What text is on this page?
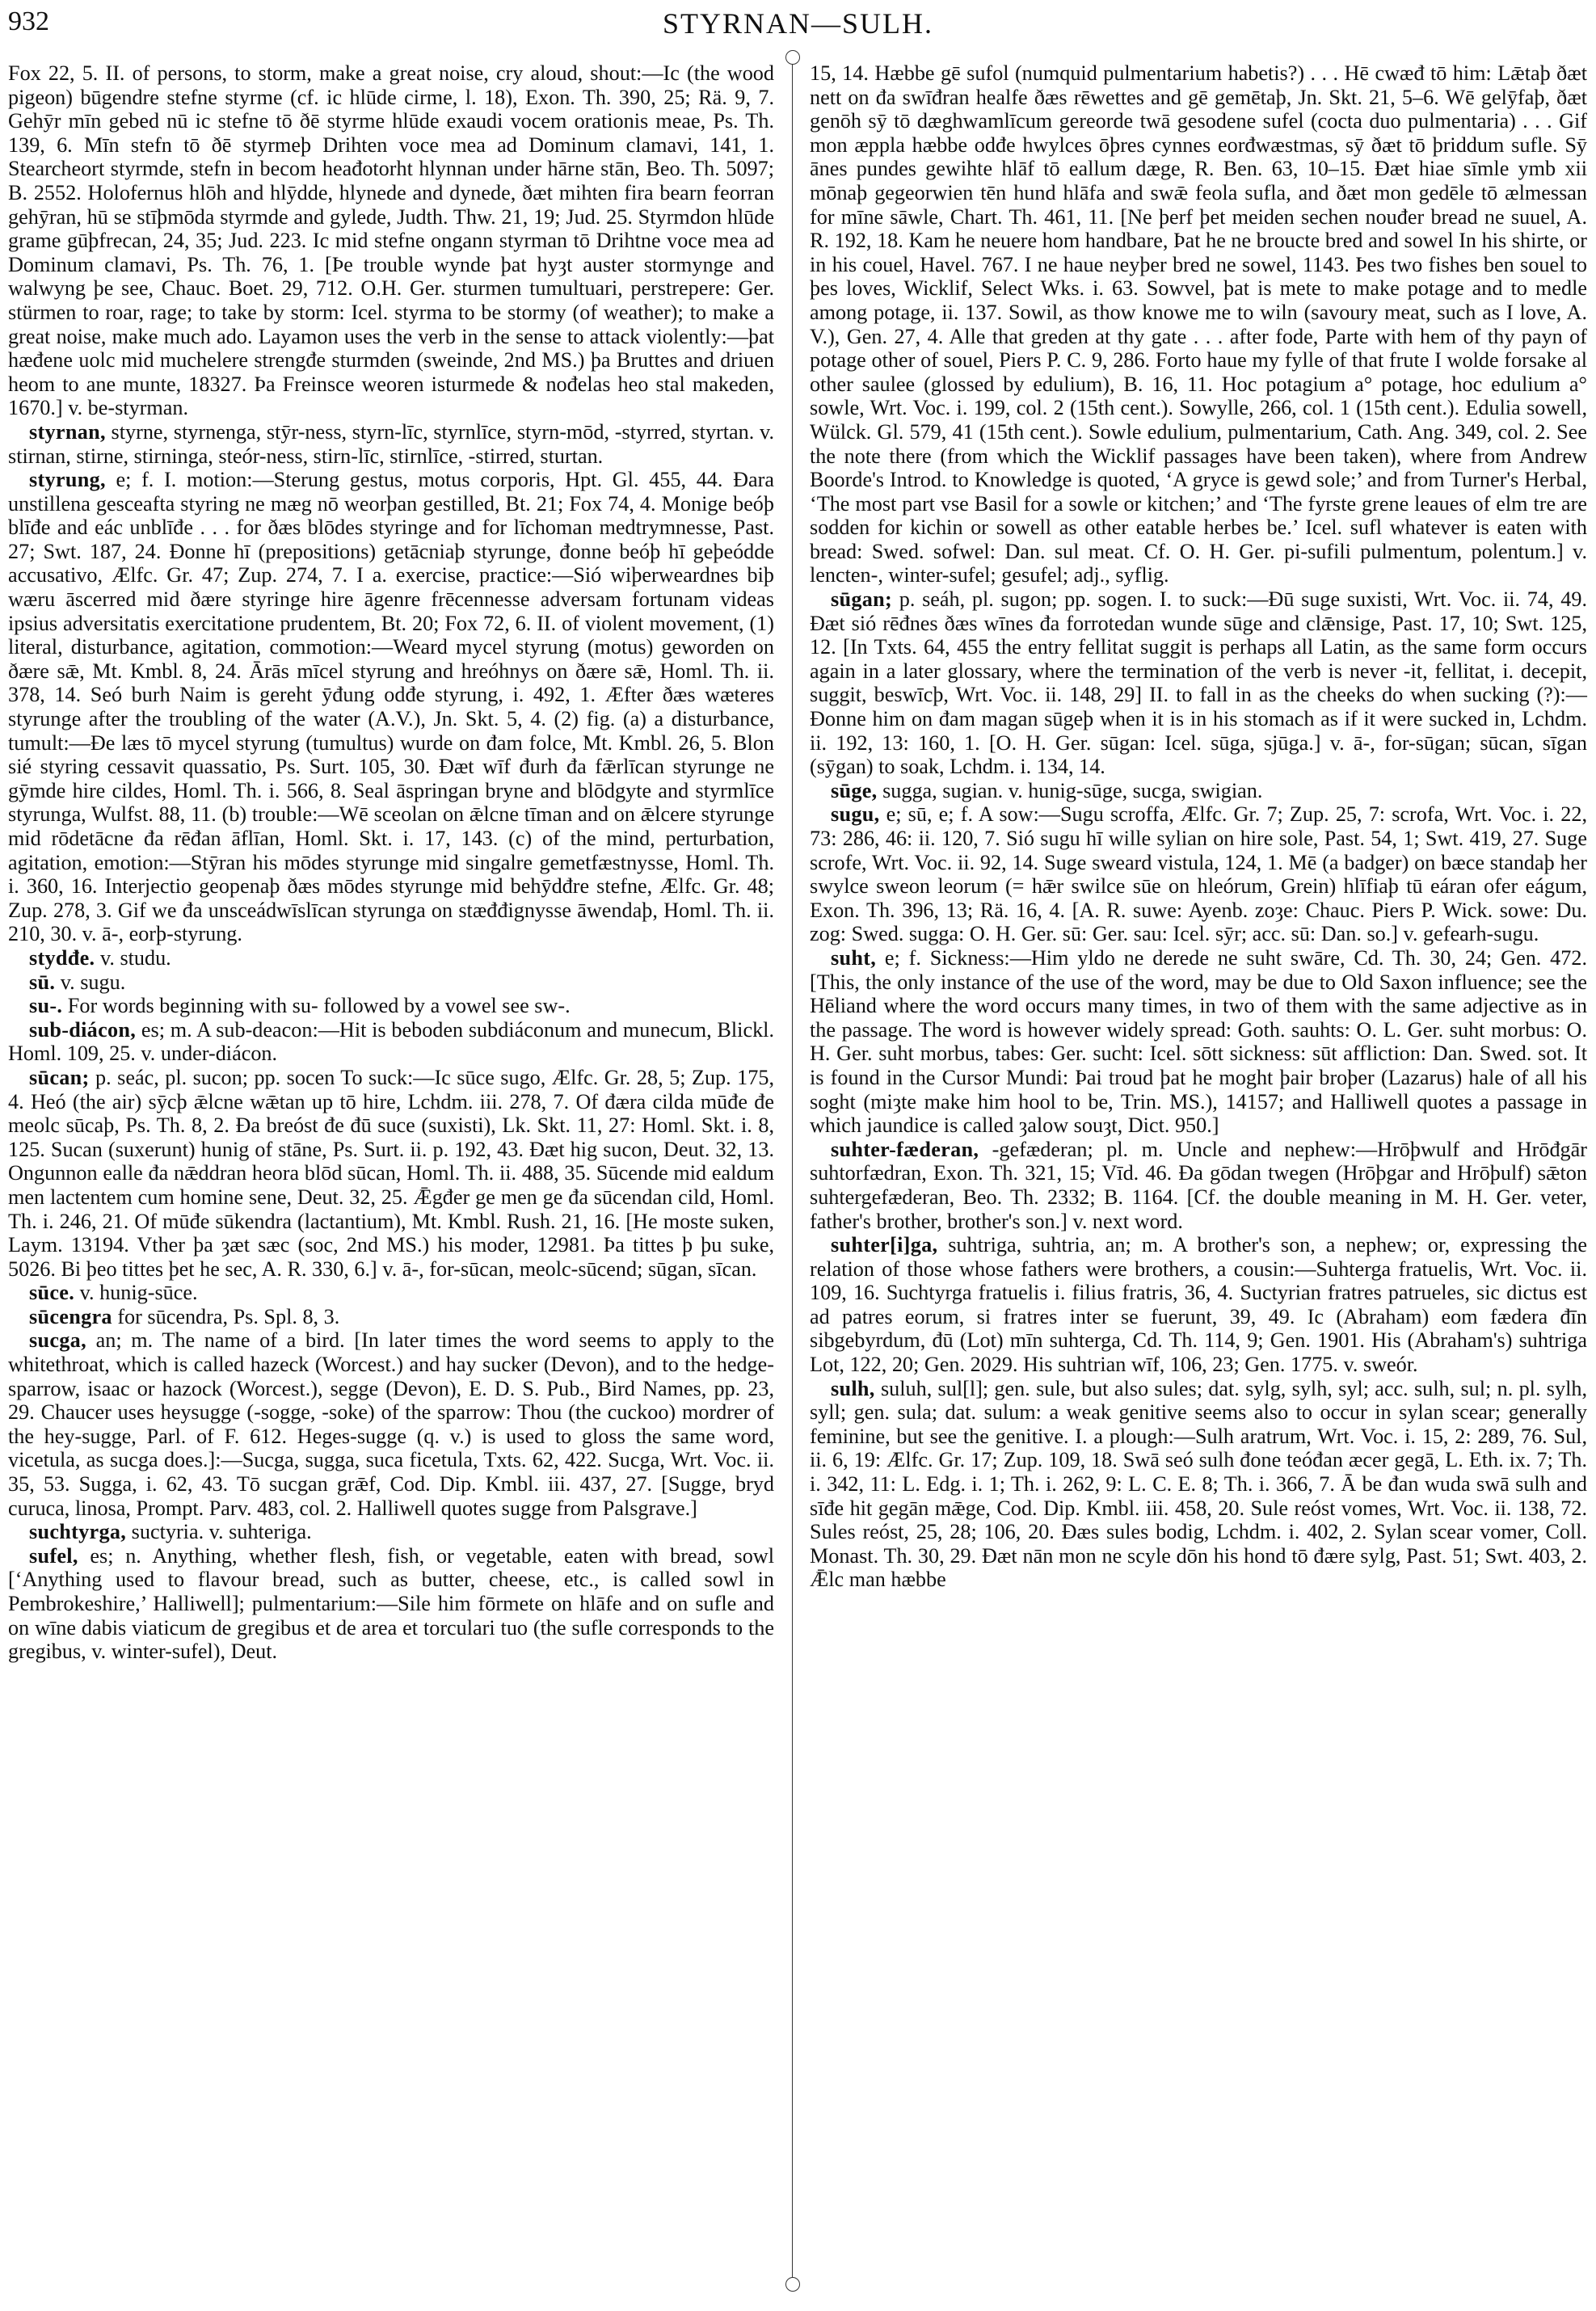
932	STYRNAN—SULH.

Fox 22, 5. II. of persons, to storm, make a great noise, cry aloud, shout:—Ic (the wood pigeon) būgendre stefne styrme (cf. ic hlūde cirme, l. 18), Exon. Th. 390, 25; Rä. 9, 7. Gehȳr mīn gebed nū ic stefne tō ðē styrme hlūde exaudi vocem orationis meae, Ps. Th. 139, 6. Mīn stefn tō ðē styrmeþ Drihten voce mea ad Dominum clamavi, 141, 1. Stearcheort styrmde, stefn in becom heađotorht hlynnan under hārne stān, Beo. Th. 5097; B. 2552. Holofernus hlōh and hlȳdde, hlynede and dynede, ðæt mihten fira bearn feorran gehȳran, hū se stīþmōda styrmde and gylede, Judth. Thw. 21, 19; Jud. 25. Styrmdon hlūde grame gūþfrecan, 24, 35; Jud. 223. Ic mid stefne ongann styrman tō Drihtne voce mea ad Dominum clamavi, Ps. Th. 76, 1. [Þe trouble wynde þat hyȝt auster stormynge and walwyng þe see, Chauc. Boet. 29, 712. O.H. Ger. sturmen tumultuari, perstrepere: Ger. stürmen to roar, rage; to take by storm: Icel. styrma to be stormy (of weather); to make a great noise, make much ado. Layamon uses the verb in the sense to attack violently:—þat hæđene uolc mid muchelere strengđe sturmden (sweinde, 2nd MS.) þa Bruttes and driuen heom to ane munte, 18327. Þa Freinsce weoren isturmede & nođelas heo stal makeden, 1670.] v. be-styrman.

styrnan, styrne, styrnenga, stȳr-ness, styrn-līc, styrnlīce, styrn-mōd, -styrred, styrtan. v. stirnan, stirne, stirninga, steór-ness, stirn-līc, stirnlīce, -stirred, sturtan.

styrung, e; f. I. motion:—Sterung gestus, motus corporis, Hpt. Gl. 455, 44. Đara unstillena gesceafta styring ne mæg nō weorþan gestilled, Bt. 21; Fox 74, 4. Monige beóþ blīđe and eác unblīđe . . . for ðæs blōdes styringe and for līchoman medtrymnesse, Past. 27; Swt. 187, 24. Đonne hī (prepositions) getācniaþ styrunge, đonne beóþ hī geþeódde accusativo, Ælfc. Gr. 47; Zup. 274, 7. I a. exercise, practice:—Sió wiþerweardnes biþ wæru āscerred mid ðære styringe hire āgenre frēcennesse adversam fortunam videas ipsius adversitatis exercitatione prudentem, Bt. 20; Fox 72, 6. II. of violent movement, (1) literal, disturbance, agitation, commotion:—Weard mycel styrung (motus) geworden on ðære sǣ, Mt. Kmbl. 8, 24. Ārās mīcel styrung and hreóhnys on ðære sǣ, Homl. Th. ii. 378, 14. Seó burh Naim is gereht ȳđung odđe styrung, i. 492, 1. Æfter ðæs wæteres styrunge after the troubling of the water (A.V.), Jn. Skt. 5, 4. (2) fig. (a) a disturbance, tumult:—Đe læs tō mycel styrung (tumultus) wurde on đam folce, Mt. Kmbl. 26, 5. Blon sié styring cessavit quassatio, Ps. Surt. 105, 30. Đæt wīf đurh đa fǣrlīcan styrunge ne gȳmde hire cildes, Homl. Th. i. 566, 8. Seal āspringan bryne and blōdgyte and styrmlīce styrunga, Wulfst. 88, 11. (b) trouble:—Wē sceolan on ǣlcne tīman and on ǣlcere styrunge mid rōdetācne đa rēđan āflīan, Homl. Skt. i. 17, 143. (c) of the mind, perturbation, agitation, emotion:—Stȳran his mōdes styrunge mid singalre gemetfæstnysse, Homl. Th. i. 360, 16. Interjectio geopenaþ ðæs mōdes styrunge mid behȳdđre stefne, Ælfc. Gr. 48; Zup. 278, 3. Gif we đa unsceádwīslīcan styrunga on stæđđignysse āwendaþ, Homl. Th. ii. 210, 30. v. ā-, eorþ-styrung.

stydđe. v. studu.

sū. v. sugu.

su-. For words beginning with su- followed by a vowel see sw-.

sub-diácon, es; m. A sub-deacon:—Hit is beboden subdiáconum and munecum, Blickl. Homl. 109, 25. v. under-diácon.

sūcan; p. seác, pl. sucon; pp. socen To suck:—Ic sūce sugo, Ælfc. Gr. 28, 5; Zup. 175, 4. Heó (the air) sȳcþ ǣlcne wǣtan up tō hire, Lchdm. iii. 278, 7. Of đæra cilda mūđe đe meolc sūcaþ, Ps. Th. 8, 2. Đa breóst đe đū suce (suxisti), Lk. Skt. 11, 27: Homl. Skt. i. 8, 125. Sucan (suxerunt) hunig of stāne, Ps. Surt. ii. p. 192, 43. Đæt hig sucon, Deut. 32, 13. Ongunnon ealle đa nǣddran heora blōd sūcan, Homl. Th. ii. 488, 35. Sūcende mid ealdum men lactentem cum homine sene, Deut. 32, 25. Ǣgđer ge men ge đa sūcendan cild, Homl. Th. i. 246, 21. Of mūđe sūkendra (lactantium), Mt. Kmbl. Rush. 21, 16. [He moste suken, Laym. 13194. Vther þa ȝæt sæc (soc, 2nd MS.) his moder, 12981. Þa tittes þ þu suke, 5026. Bi þeo tittes þet he sec, A. R. 330, 6.] v. ā-, for-sūcan, meolc-sūcend; sūgan, sīcan.

sūce. v. hunig-sūce.

sūcengra for sūcendra, Ps. Spl. 8, 3.

sucga, an; m. The name of a bird. [In later times the word seems to apply to the whitethroat, which is called hazeck (Worcest.) and hay sucker (Devon), and to the hedge-sparrow, isaac or hazock (Worcest.), segge (Devon), E. D. S. Pub., Bird Names, pp. 23, 29. Chaucer uses heysugge (-sogge, -soke) of the sparrow: Thou (the cuckoo) mordrer of the hey-sugge, Parl. of F. 612. Heges-sugge (q. v.) is used to gloss the same word, vicetula, as sucga does.]:—Sucga, sugga, suca ficetula, Txts. 62, 422. Sucga, Wrt. Voc. ii. 35, 53. Sugga, i. 62, 43. Tō sucgan grǣf, Cod. Dip. Kmbl. iii. 437, 27. [Sugge, bryd curuca, linosa, Prompt. Parv. 483, col. 2. Halliwell quotes sugge from Palsgrave.]

suchtyrga, suctyria. v. suhteriga.

sufel, es; n. Anything, whether flesh, fish, or vegetable, eaten with bread, sowl [‘Anything used to flavour bread, such as butter, cheese, etc., is called sowl in Pembrokeshire,’ Halliwell]; pulmentarium:—Sile him fōrmete on hlāfe and on sufle and on wīne dabis viaticum de gregibus et de area et torculari tuo (the sufle corresponds to the gregibus, v. winter-sufel), Deut.

15, 14. Hæbbe gē sufol (numquid pulmentarium habetis?) . . . Hē cwæđ tō him: Lǣtaþ ðæt nett on đa swīđran healfe ðæs rēwettes and gē gemētaþ, Jn. Skt. 21, 5–6. Wē gelȳfaþ, ðæt genōh sȳ tō dæghwamlīcum gereorde twā gesodene sufel (cocta duo pulmentaria) . . . Gif mon æppla hæbbe odđe hwylces ōþres cynnes eorđwæstmas, sȳ ðæt tō þriddum sufle. Sȳ ānes pundes gewihte hlāf tō eallum dæge, R. Ben. 63, 10–15. Đæt hiae sīmle ymb xii mōnaþ gegeorwien tēn hund hlāfa and swǣ feola sufla, and ðæt mon gedēle tō ælmessan for mīne sāwle, Chart. Th. 461, 11. [Ne þerf þet meiden sechen nouđer bread ne suuel, A. R. 192, 18. Kam he neuere hom handbare, Þat he ne broucte bred and sowel In his shirte, or in his couel, Havel. 767. I ne haue neyþer bred ne sowel, 1143. Þes two fishes ben souel to þes loves, Wicklif, Select Wks. i. 63. Sowvel, þat is mete to make potage and to medle among potage, ii. 137. Sowil, as thow knowe me to wiln (savoury meat, such as I love, A. V.), Gen. 27, 4. Alle that greden at thy gate . . . after fode, Parte with hem of thy payn of potage other of souel, Piers P. C. 9, 286. Forto haue my fylle of that frute I wolde forsake al other saulee (glossed by edulium), B. 16, 11. Hoc potagium a° potage, hoc edulium a° sowle, Wrt. Voc. i. 199, col. 2 (15th cent.). Sowylle, 266, col. 1 (15th cent.). Edulia sowell, Wülck. Gl. 579, 41 (15th cent.). Sowle edulium, pulmentarium, Cath. Ang. 349, col. 2. See the note there (from which the Wicklif passages have been taken), where from Andrew Boorde's Introd. to Knowledge is quoted, ‘A gryce is gewd sole;’ and from Turner's Herbal, ‘The most part vse Basil for a sowle or kitchen;’ and ‘The fyrste grene leaues of elm tre are sodden for kichin or sowell as other eatable herbes be.’ Icel. sufl whatever is eaten with bread: Swed. sofwel: Dan. sul meat. Cf. O. H. Ger. pi-sufili pulmentum, polentum.] v. lencten-, winter-sufel; gesufel; adj., syflig.

sūgan; p. seáh, pl. sugon; pp. sogen. I. to suck:—Đū suge suxisti, Wrt. Voc. ii. 74, 49. Đæt sió rēđnes ðæs wīnes đa forrotedan wunde sūge and clǣnsige, Past. 17, 10; Swt. 125, 12. [In Txts. 64, 455 the entry fellitat suggit is perhaps all Latin, as the same form occurs again in a later glossary, where the termination of the verb is never -it, fellitat, i. decepit, suggit, beswīcþ, Wrt. Voc. ii. 148, 29] II. to fall in as the cheeks do when sucking (?):—Đonne him on đam magan sūgeþ when it is in his stomach as if it were sucked in, Lchdm. ii. 192, 13: 160, 1. [O. H. Ger. sūgan: Icel. sūga, sjūga.] v. ā-, for-sūgan; sūcan, sīgan (sȳgan) to soak, Lchdm. i. 134, 14.

sūge, sugga, sugian. v. hunig-sūge, sucga, swigian.

sugu, e; sū, e; f. A sow:—Sugu scroffa, Ælfc. Gr. 7; Zup. 25, 7: scrofa, Wrt. Voc. i. 22, 73: 286, 46: ii. 120, 7. Sió sugu hī wille sylian on hire sole, Past. 54, 1; Swt. 419, 27. Suge scrofe, Wrt. Voc. ii. 92, 14. Suge sweard vistula, 124, 1. Mē (a badger) on bæce standaþ her swylce sweon leorum (= hǣr swilce sūe on hleórum, Grein) hlīfiaþ tū eáran ofer eágum, Exon. Th. 396, 13; Rä. 16, 4. [A. R. suwe: Ayenb. zoȝe: Chauc. Piers P. Wick. sowe: Du. zog: Swed. sugga: O. H. Ger. sū: Ger. sau: Icel. sȳr; acc. sū: Dan. so.] v. gefearh-sugu.

suht, e; f. Sickness:—Him yldo ne derede ne suht swāre, Cd. Th. 30, 24; Gen. 472. [This, the only instance of the use of the word, may be due to Old Saxon influence; see the Hēliand where the word occurs many times, in two of them with the same adjective as in the passage. The word is however widely spread: Goth. sauhts: O. L. Ger. suht morbus: O. H. Ger. suht morbus, tabes: Ger. sucht: Icel. sōtt sickness: sūt affliction: Dan. Swed. sot. It is found in the Cursor Mundi: Þai troud þat he moght þair broþer (Lazarus) hale of all his soght (miȝte make him hool to be, Trin. MS.), 14157; and Halliwell quotes a passage in which jaundice is called ȝalow souȝt, Dict. 950.]

suhter-fæderan, -gefæderan; pl. m. Uncle and nephew:—Hrōþwulf and Hrōđgār suhtorfædran, Exon. Th. 321, 15; Vīd. 46. Đa gōdan twegen (Hrōþgar and Hrōþulf) sǣton suhtergefæderan, Beo. Th. 2332; B. 1164. [Cf. the double meaning in M. H. Ger. veter, father's brother, brother's son.] v. next word.

suhter[i]ga, suhtriga, suhtria, an; m. A brother's son, a nephew; or, expressing the relation of those whose fathers were brothers, a cousin:—Suhterga fratuelis, Wrt. Voc. ii. 109, 16. Suchtyrga fratuelis i. filius fratris, 36, 4. Suctyrian fratres patrueles, sic dictus est ad patres eorum, si fratres inter se fuerunt, 39, 49. Ic (Abraham) eom fædera đīn sibgebyrdum, đū (Lot) mīn suhterga, Cd. Th. 114, 9; Gen. 1901. His (Abraham's) suhtriga Lot, 122, 20; Gen. 2029. His suhtrian wīf, 106, 23; Gen. 1775. v. sweór.

sulh, suluh, sul[l]; gen. sule, but also sules; dat. sylg, sylh, syl; acc. sulh, sul; n. pl. sylh, syll; gen. sula; dat. sulum: a weak genitive seems also to occur in sylan scear; generally feminine, but see the genitive. I. a plough:—Sulh aratrum, Wrt. Voc. i. 15, 2: 289, 76. Sul, ii. 6, 19: Ælfc. Gr. 17; Zup. 109, 18. Swā seó sulh đone teóđan æcer gegā, L. Eth. ix. 7; Th. i. 342, 11: L. Edg. i. 1; Th. i. 262, 9: L. C. E. 8; Th. i. 366, 7. Ā be đan wuda swā sulh and sīđe hit gegān mǣge, Cod. Dip. Kmbl. iii. 458, 20. Sule reóst vomes, Wrt. Voc. ii. 138, 72. Sules reóst, 25, 28; 106, 20. Đæs sules bodig, Lchdm. i. 402, 2. Sylan scear vomer, Coll. Monast. Th. 30, 29. Đæt nān mon ne scyle dōn his hond tō đære sylg, Past. 51; Swt. 403, 2. Ǣlc man hæbbe
